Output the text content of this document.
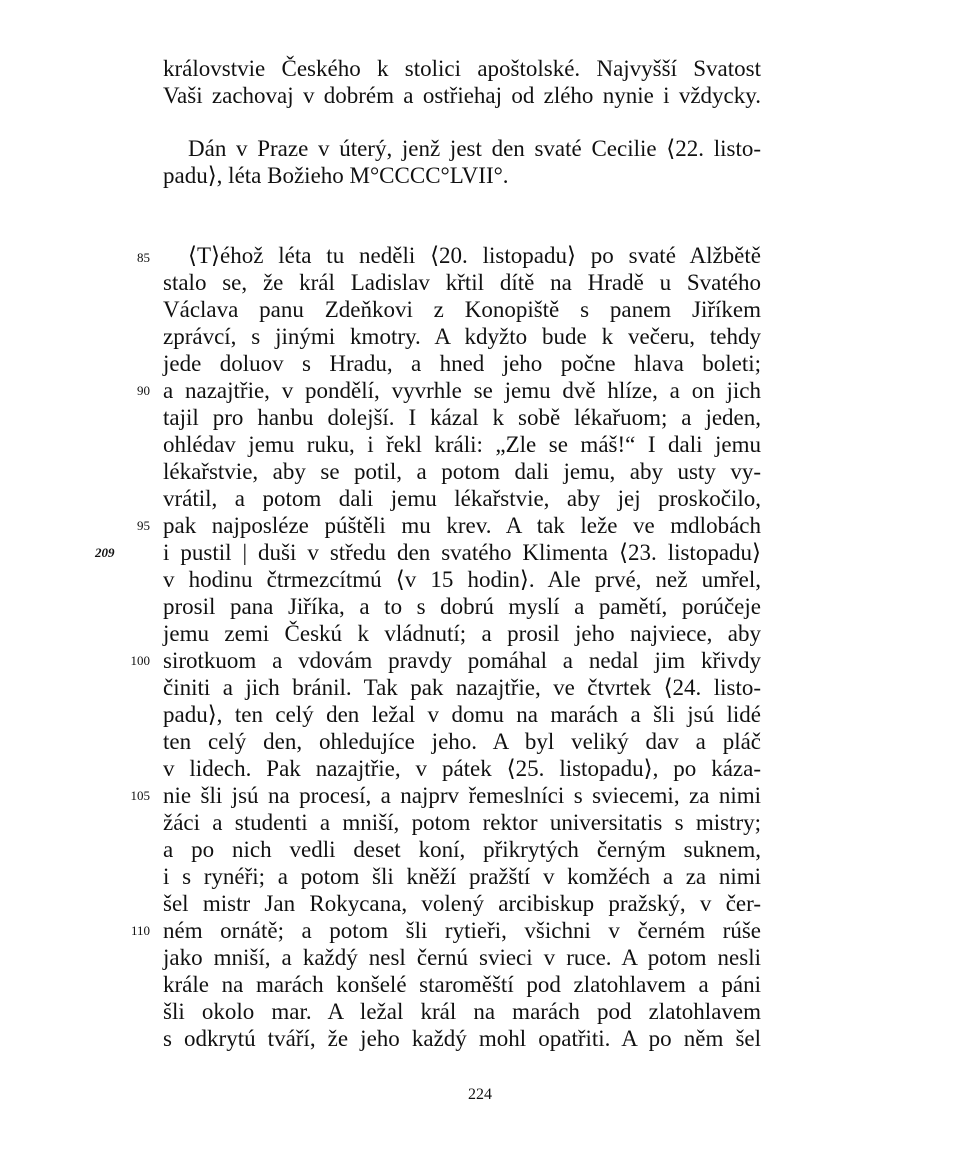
královstvie Českého k stolici apoštolské. Najvyšší Svatost
Vaši zachovaj v dobrém a ostřiehaj od zlého nynie i vždycky.
Dán v Praze v úterý, jenž jest den svaté Cecilie ⟨22. listo-
padu⟩, léta Božieho M°CCCC°LVII°.
85 ⟨T⟩éhož léta tu neděli ⟨20. listopadu⟩ po svaté Alžbětě
stalo se, že král Ladislav křtil dítě na Hradě u Svatého
Václava panu Zdeňkovi z Konopiště s panem Jiříkem
zprávcí, s jinými kmotry. A kdyžto bude k večeru, tehdy
jede doluov s Hradu, a hned jeho počne hlava boleti;
90 a nazajtřie, v pondělí, vyvrhle se jemu dvě hlíze, a on jich
tajil pro hanbu dolejší. I kázal k sobě lékařuom; a jeden,
ohlédav jemu ruku, i řekl králi: „Zle se máš!“ I dali jemu
lékařstvie, aby se potil, a potom dali jemu, aby usty vy-
vrátil, a potom dali jemu lékařstvie, aby jej proskočilo,
95 pak najposléze púštěli mu krev. A tak leže ve mdlobách
209	i pustil | duši v středu den svatého Klimenta ⟨23. listopadu⟩
v hodinu čtrmezcítmú ⟨v 15 hodin⟩. Ale prvé, než umřel,
prosil pana Jiříka, a to s dobrú myslí a pamětí, porúčeje
jemu zemi Českú k vládnutí; a prosil jeho najviece, aby
100 sirotkuom a vdovám pravdy pomáhal a nedal jim křivdy
činiti a jich bránil. Tak pak nazajtřie, ve čtvrtek ⟨24. listo-
padu⟩, ten celý den ležal v domu na marách a šli jsú lidé
ten celý den, ohledujíce jeho. A byl veliký dav a pláč
v lidech. Pak nazajtřie, v pátek ⟨25. listopadu⟩, po káza-
105 nie šli jsú na procesí, a najprv řemeslníci s sviecemi, za nimi
žáci a studenti a mniší, potom rektor universitatis s mistry;
a po nich vedli deset koní, přikrytých černým suknem,
i s rynéři; a potom šli kněží pražští v komžéch a za nimi
šel mistr Jan Rokycana, volený arcibiskup pražský, v čer-
110 ném ornátě; a potom šli rytieři, všichni v černém rúše
jako mniší, a každý nesl černú svieci v ruce. A potom nesli
krále na marách konšelé staroměští pod zlatohlavem a páni
šli okolo mar. A ležal král na marách pod zlatohlavem
s odkrytú tváří, že jeho každý mohl opatřiti. A po něm šel
224
